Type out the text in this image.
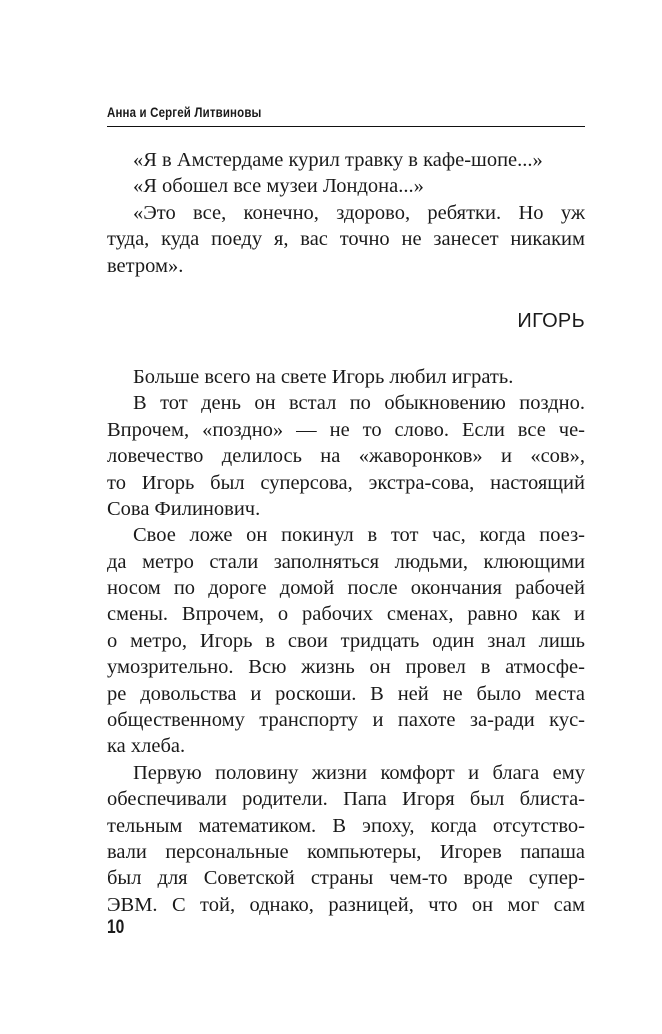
Анна и Сергей Литвиновы
«Я в Амстердаме курил травку в кафе-шопе...»
«Я обошел все музеи Лондона...»
«Это все, конечно, здорово, ребятки. Но уж
туда, куда поеду я, вас точно не занесет никаким
ветром».
ИГОРЬ
Больше всего на свете Игорь любил играть.
В тот день он встал по обыкновению поздно.
Впрочем, «поздно» — не то слово. Если все че-
ловечество делилось на «жаворонков» и «сов»,
то Игорь был суперсова, экстра-сова, настоящий
Сова Филинович.
Свое ложе он покинул в тот час, когда поез-
да метро стали заполняться людьми, клюющими
носом по дороге домой после окончания рабочей
смены. Впрочем, о рабочих сменах, равно как и
о метро, Игорь в свои тридцать один знал лишь
умозрительно. Всю жизнь он провел в атмосфе-
ре довольства и роскоши. В ней не было места
общественному транспорту и пахоте за-ради кус-
ка хлеба.
Первую половину жизни комфорт и блага ему
обеспечивали родители. Папа Игоря был блиста-
тельным математиком. В эпоху, когда отсутство-
вали персональные компьютеры, Игорев папаша
был для Советской страны чем-то вроде супер-
ЭВМ. С той, однако, разницей, что он мог сам
10
